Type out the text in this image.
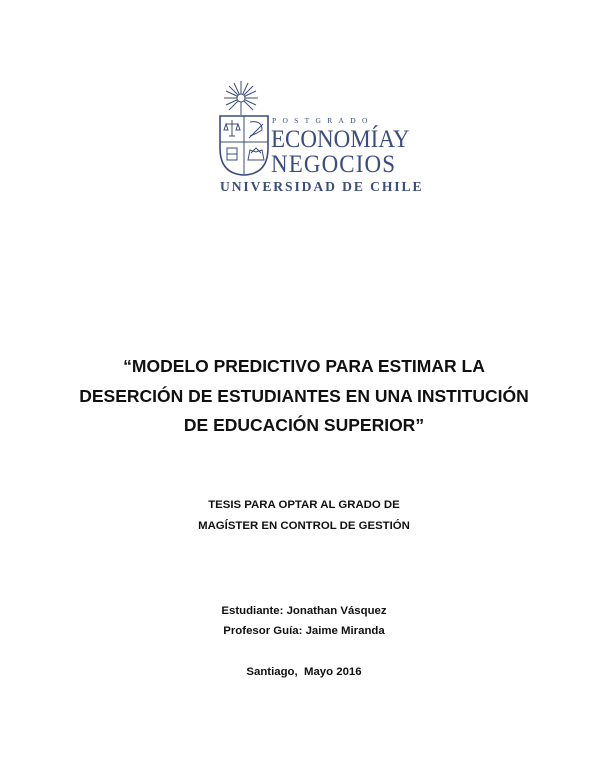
POSTGRADO
ECONOMÍAY
NEGOCIOS
UNIVERSIDAD DE CHILE
“MODELO PREDICTIVO PARA ESTIMAR LA
DESERCIÓN DE ESTUDIANTES EN UNA INSTITUCIÓN
DE EDUCACIÓN SUPERIOR”
TESIS PARA OPTAR AL GRADO DE
MAGÍSTER EN CONTROL DE GESTIÓN
Estudiante: Jonathan Vásquez
Profesor Guía: Jaime Miranda
Santiago,  Mayo 2016
